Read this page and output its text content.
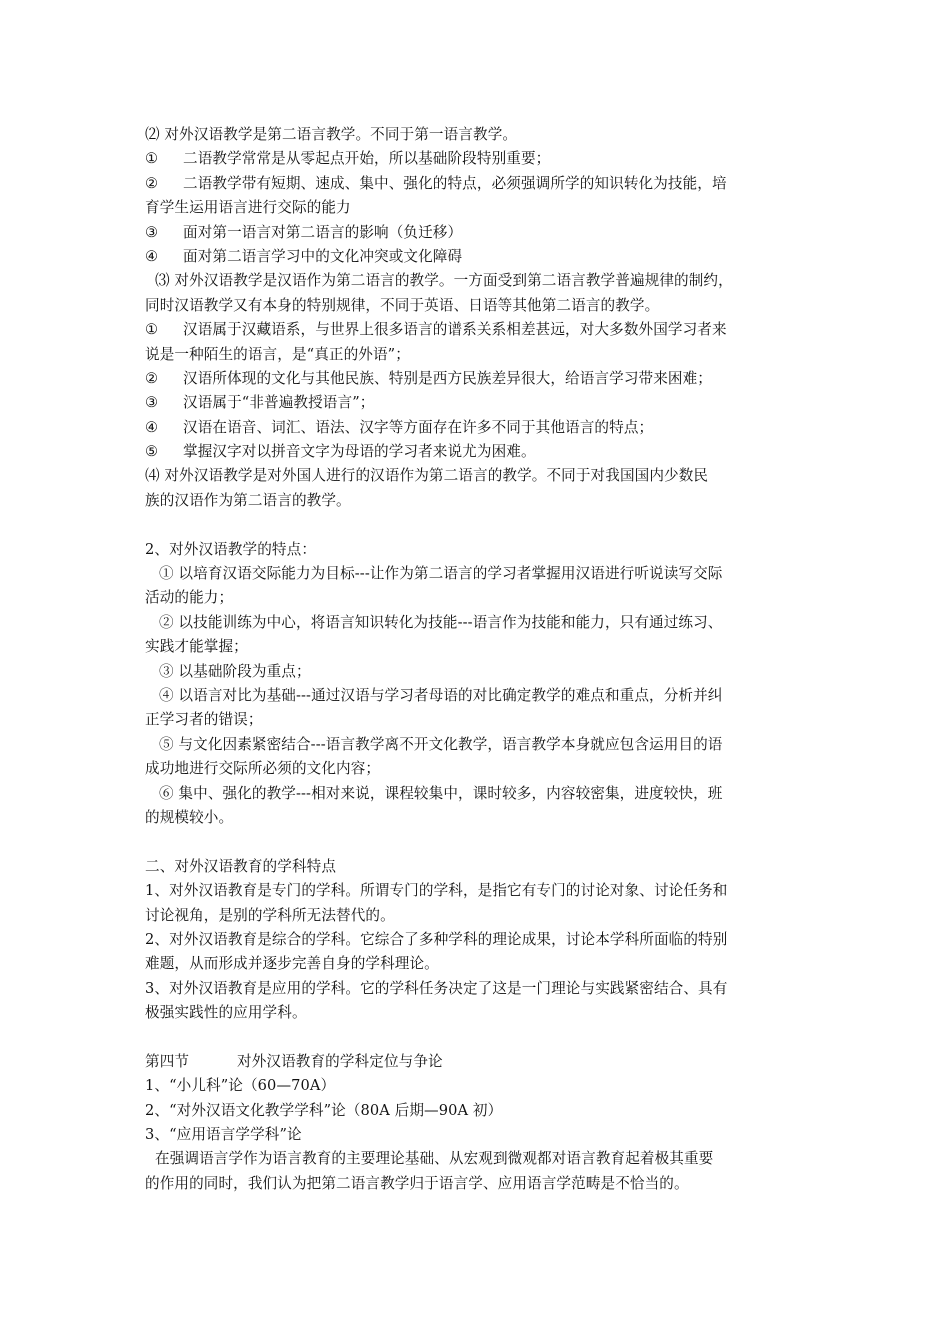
⑵ 对外汉语教学是第二语言教学。不同于第一语言教学。
① 二语教学常常是从零起点开始，所以基础阶段特别重要；
② 二语教学带有短期、速成、集中、强化的特点，必须强调所学的知识转化为技能，培
育学生运用语言进行交际的能力
③ 面对第一语言对第二语言的影响（负迁移）
④ 面对第二语言学习中的文化冲突或文化障碍
⑶ 对外汉语教学是汉语作为第二语言的教学。一方面受到第二语言教学普遍规律的制约，
同时汉语教学又有本身的特别规律，不同于英语、日语等其他第二语言的教学。
① 汉语属于汉藏语系，与世界上很多语言的谱系关系相差甚远，对大多数外国学习者来
说是一种陌生的语言，是“真正的外语”；
② 汉语所体现的文化与其他民族、特别是西方民族差异很大，给语言学习带来困难；
③ 汉语属于“非普遍教授语言”；
④ 汉语在语音、词汇、语法、汉字等方面存在许多不同于其他语言的特点；
⑤ 掌握汉字对以拼音文字为母语的学习者来说尤为困难。
⑷ 对外汉语教学是对外国人进行的汉语作为第二语言的教学。不同于对我国国内少数民
族的汉语作为第二语言的教学。
2、对外汉语教学的特点：
① 以培育汉语交际能力为目标---让作为第二语言的学习者掌握用汉语进行听说读写交际
活动的能力；
② 以技能训练为中心，将语言知识转化为技能---语言作为技能和能力，只有通过练习、
实践才能掌握；
③ 以基础阶段为重点；
④ 以语言对比为基础---通过汉语与学习者母语的对比确定教学的难点和重点，分析并纠
正学习者的错误；
⑤ 与文化因素紧密结合---语言教学离不开文化教学，语言教学本身就应包含运用目的语
成功地进行交际所必须的文化内容；
⑥ 集中、强化的教学---相对来说，课程较集中，课时较多，内容较密集，进度较快，班
的规模较小。
二、对外汉语教育的学科特点
1、对外汉语教育是专门的学科。所谓专门的学科，是指它有专门的讨论对象、讨论任务和
讨论视角，是别的学科所无法替代的。
2、对外汉语教育是综合的学科。它综合了多种学科的理论成果，讨论本学科所面临的特别
难题，从而形成并逐步完善自身的学科理论。
3、对外汉语教育是应用的学科。它的学科任务决定了这是一门理论与实践紧密结合、具有
极强实践性的应用学科。
第四节	对外汉语教育的学科定位与争论
1、“小儿科”论（60—70A）
2、“对外汉语文化教学学科”论（80A 后期—90A 初）
3、“应用语言学学科”论
在强调语言学作为语言教育的主要理论基础、从宏观到微观都对语言教育起着极其重要
的作用的同时，我们认为把第二语言教学归于语言学、应用语言学范畴是不恰当的。
